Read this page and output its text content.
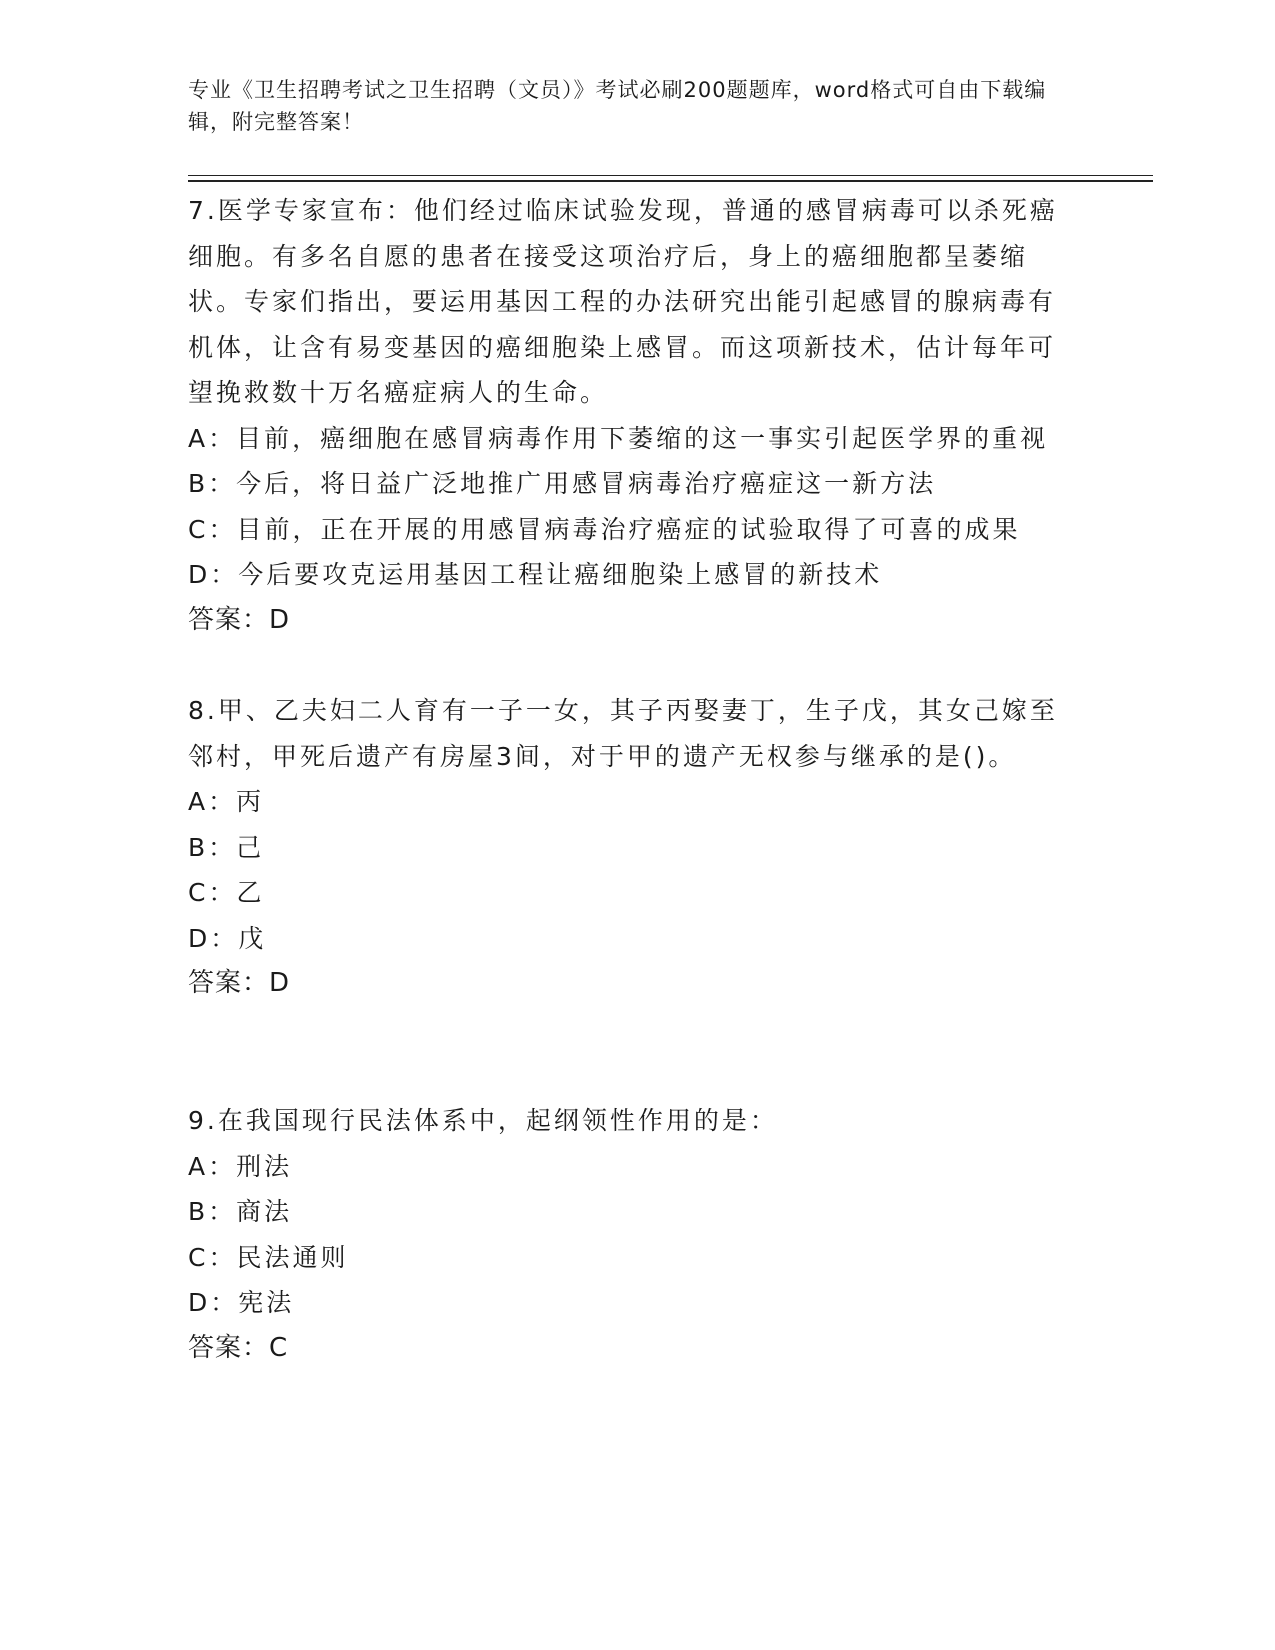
专业《卫生招聘考试之卫生招聘（文员）》考试必刷200题题库，word格式可自由下载编辑，附完整答案！
7.医学专家宣布：他们经过临床试验发现，普通的感冒病毒可以杀死癌细胞。有多名自愿的患者在接受这项治疗后，身上的癌细胞都呈萎缩状。专家们指出，要运用基因工程的办法研究出能引起感冒的腺病毒有机体，让含有易变基因的癌细胞染上感冒。而这项新技术，估计每年可望挽救数十万名癌症病人的生命。
A：目前，癌细胞在感冒病毒作用下萎缩的这一事实引起医学界的重视
B：今后，将日益广泛地推广用感冒病毒治疗癌症这一新方法
C：目前，正在开展的用感冒病毒治疗癌症的试验取得了可喜的成果
D：今后要攻克运用基因工程让癌细胞染上感冒的新技术
答案：D
8.甲、乙夫妇二人育有一子一女，其子丙娶妻丁，生子戊，其女己嫁至邻村，甲死后遗产有房屋3间，对于甲的遗产无权参与继承的是()。
A：丙
B：己
C：乙
D：戊
答案：D
9.在我国现行民法体系中，起纲领性作用的是：
A：刑法
B：商法
C：民法通则
D：宪法
答案：C
